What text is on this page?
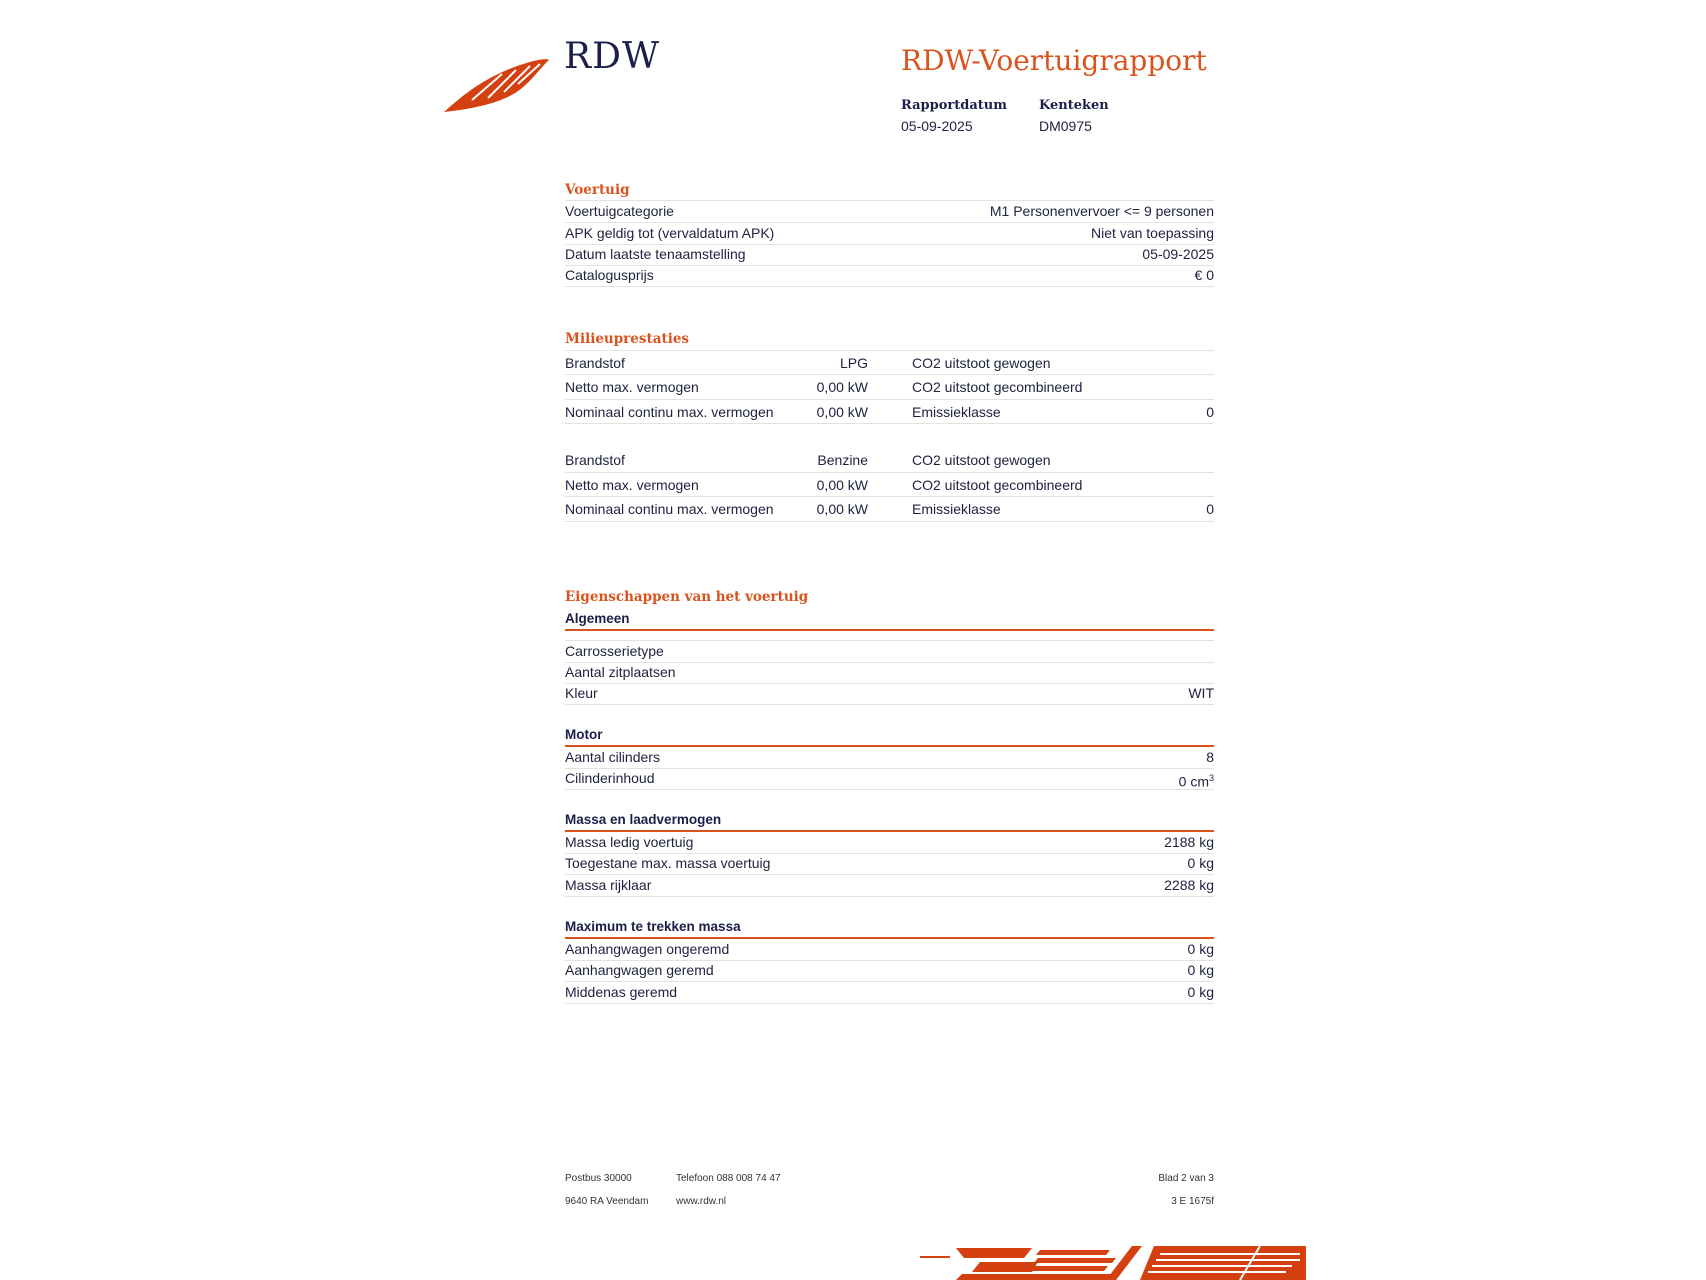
RDW	RDW-Voertuigrapport
Rapportdatum
05-09-2025
Kenteken
DM0975
Voertuig
Voertuigcategorie	M1 Personenvervoer <= 9 personen
APK geldig tot (vervaldatum APK)	Niet van toepassing
Datum laatste tenaamstelling	05-09-2025
Catalogusprijs	€ 0
Milieuprestaties
Brandstof	LPG	CO2 uitstoot gewogen
Netto max. vermogen	0,00 kW	CO2 uitstoot gecombineerd
Nominaal continu max. vermogen	0,00 kW	Emissieklasse	0
Brandstof	Benzine	CO2 uitstoot gewogen
Netto max. vermogen	0,00 kW	CO2 uitstoot gecombineerd
Nominaal continu max. vermogen	0,00 kW	Emissieklasse	0
Eigenschappen van het voertuig
Algemeen
Carrosserietype
Aantal zitplaatsen
Kleur	WIT
Motor
Aantal cilinders	8
Cilinderinhoud	0 $cm^3$
Massa en laadvermogen
Massa ledig voertuig	2188 kg
Toegestane max. massa voertuig	0 kg
Massa rijklaar	2288 kg
Maximum te trekken massa
Aanhangwagen ongeremd	0 kg
Aanhangwagen geremd	0 kg
Middenas geremd	0 kg
Postbus 30000
9640 RA Veendam
Telefoon 088 008 74 47
www.rdw.nl
Blad 2 van 3
3 E 1675f
